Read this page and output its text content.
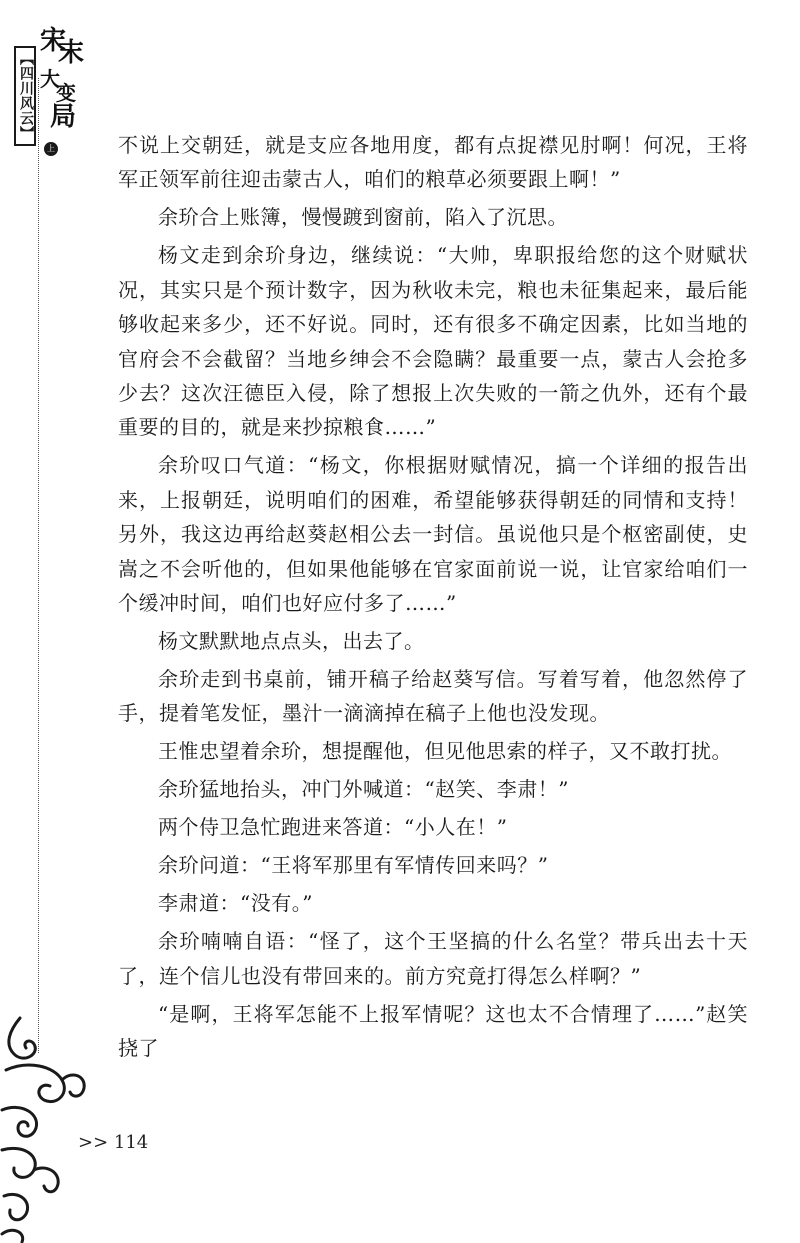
【四川风云】
宋
末
大
变
局
上卷

不说上交朝廷，就是支应各地用度，都有点捉襟见肘啊！何况，王将军正领军前往迎击蒙古人，咱们的粮草必须要跟上啊！”

余玠合上账簿，慢慢踱到窗前，陷入了沉思。

杨文走到余玠身边，继续说：“大帅，卑职报给您的这个财赋状况，其实只是个预计数字，因为秋收未完，粮也未征集起来，最后能够收起来多少，还不好说。同时，还有很多不确定因素，比如当地的官府会不会截留？当地乡绅会不会隐瞒？最重要一点，蒙古人会抢多少去？这次汪德臣入侵，除了想报上次失败的一箭之仇外，还有个最重要的目的，就是来抄掠粮食……”

余玠叹口气道：“杨文，你根据财赋情况，搞一个详细的报告出来，上报朝廷，说明咱们的困难，希望能够获得朝廷的同情和支持！另外，我这边再给赵葵赵相公去一封信。虽说他只是个枢密副使，史嵩之不会听他的，但如果他能够在官家面前说一说，让官家给咱们一个缓冲时间，咱们也好应付多了……”

杨文默默地点点头，出去了。

余玠走到书桌前，铺开稿子给赵葵写信。写着写着，他忽然停了手，提着笔发怔，墨汁一滴滴掉在稿子上他也没发现。

王惟忠望着余玠，想提醒他，但见他思索的样子，又不敢打扰。

余玠猛地抬头，冲门外喊道：“赵笑、李肃！”

两个侍卫急忙跑进来答道：“小人在！”

余玠问道：“王将军那里有军情传回来吗？”

李肃道：“没有。”

余玠喃喃自语：“怪了，这个王坚搞的什么名堂？带兵出去十天了，连个信儿也没有带回来的。前方究竟打得怎么样啊？”

“是啊，王将军怎能不上报军情呢？这也太不合情理了……”赵笑挠了

>> 114
